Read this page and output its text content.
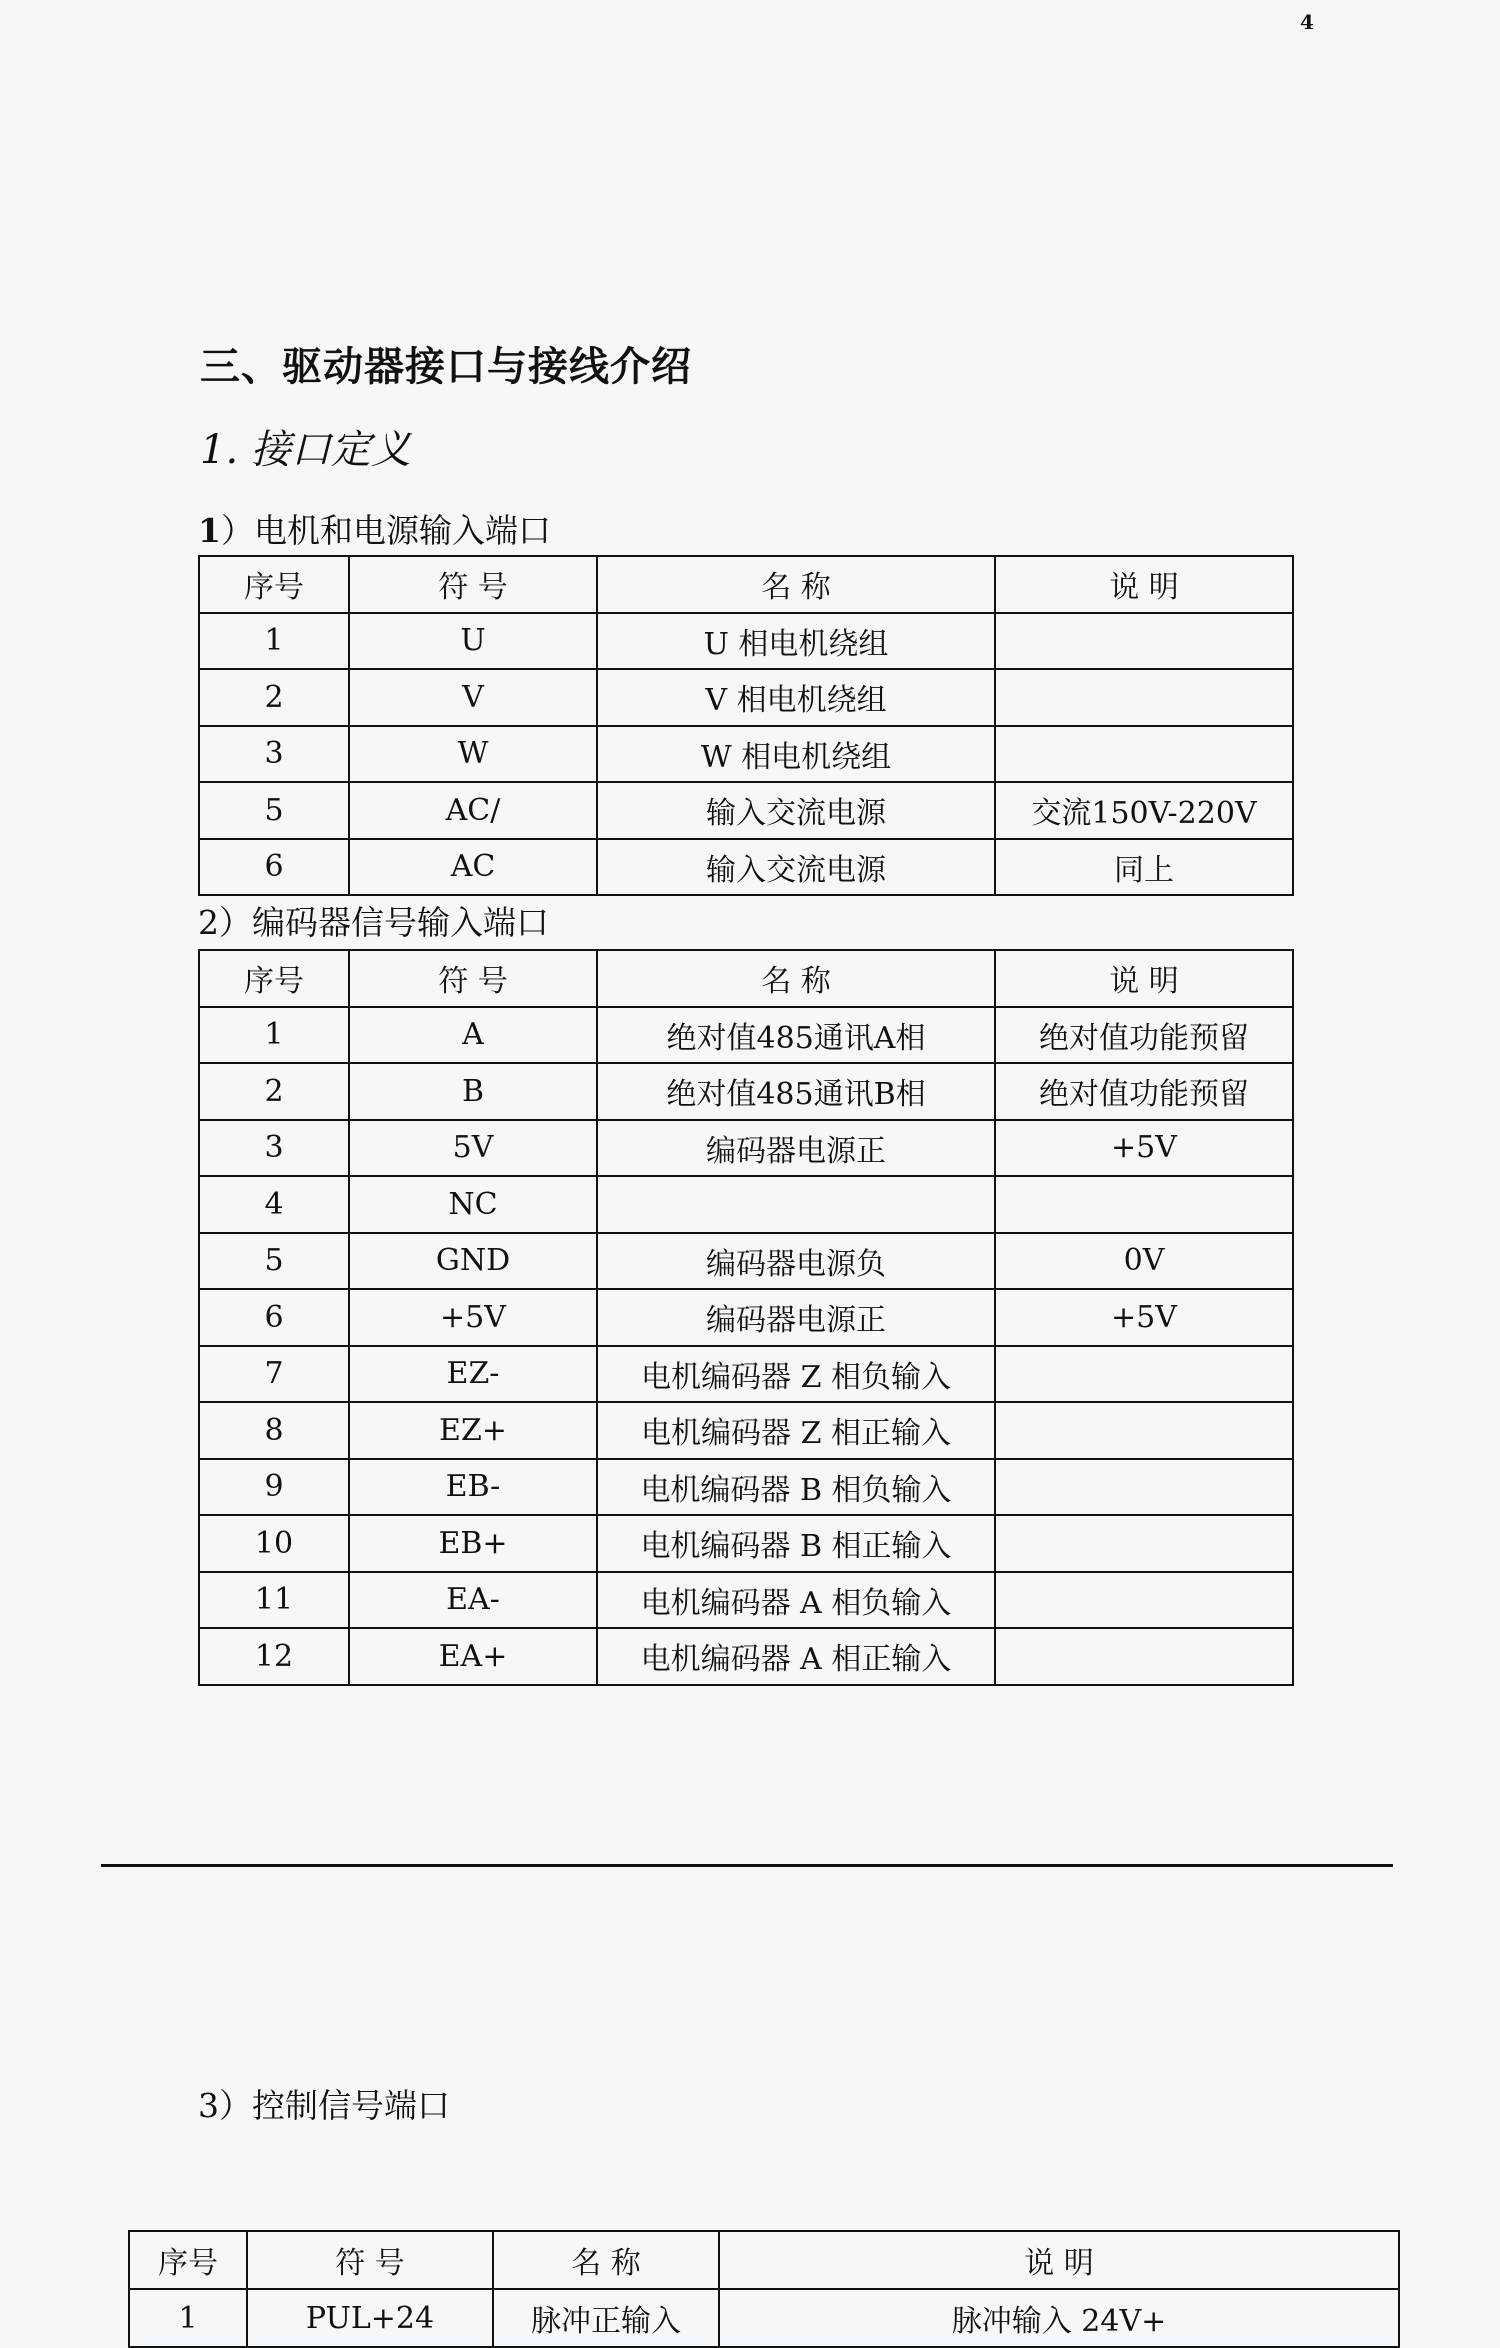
4
三、驱动器接口与接线介绍
1. 接口定义
1）电机和电源输入端口
序号	符 号	名 称	说 明
1	U	U 相电机绕组	
2	V	V 相电机绕组	
3	W	W 相电机绕组	
5	AC/	输入交流电源	交流150V-220V
6	AC	输入交流电源	同上
2）编码器信号输入端口
序号	符 号	名 称	说 明
1	A	绝对值485通讯A相	绝对值功能预留
2	B	绝对值485通讯B相	绝对值功能预留
3	5V	编码器电源正	+5V
4	NC		
5	GND	编码器电源负	0V
6	+5V	编码器电源正	+5V
7	EZ-	电机编码器 Z 相负输入	
8	EZ+	电机编码器 Z 相正输入	
9	EB-	电机编码器 B 相负输入	
10	EB+	电机编码器 B 相正输入	
11	EA-	电机编码器 A 相负输入	
12	EA+	电机编码器 A 相正输入	
3）控制信号端口
序号	符 号	名 称	说 明
1	PUL+24	脉冲正输入	脉冲输入 24V+
